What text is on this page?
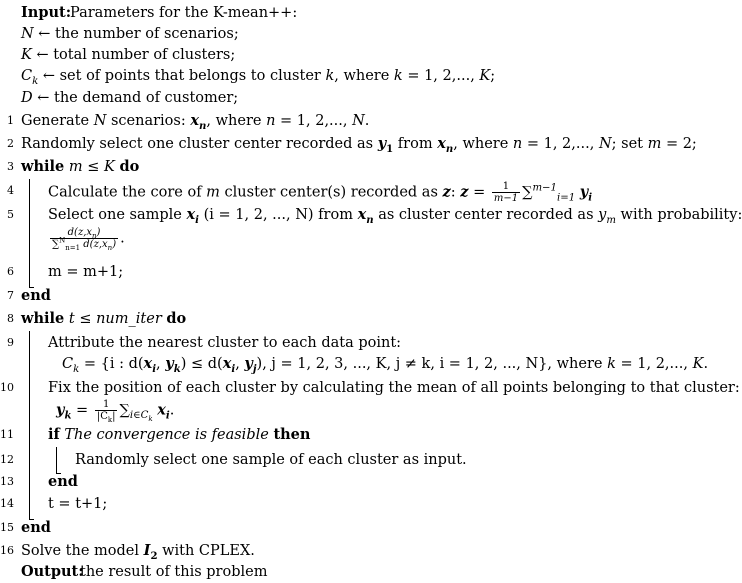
Input:
Parameters for the K-mean++:
N ← the number of scenarios;
K ← total number of clusters;
$C_k$ ← set of points that belongs to cluster k, where k = 1, 2,..., K;
D ← the demand of customer;
1 Generate N scenarios: $x_n$, where n = 1, 2,..., N.
2 Randomly select one cluster center recorded as $y_1$ from $x_n$, where n = 1, 2,..., N; set m = 2;
3 while m ≤ K do
4 Calculate the core of m cluster center(s) recorded as z: $z = \frac{1}{m-1} \sum^{m-1}_{i=1}$ $y_i$
5 Select one sample $x_i$ (i = 1, 2, ..., N) from $x_n$ as cluster center recorded as $y_m$ with probability:
$\frac{d(z,x_n)}{\sum^N_{n=1} d(z,x_n)}$ .
6 m = m+1;
7 end
8 while t ≤ num_iter do
9 Attribute the nearest cluster to each data point:
$C_k = \{i$ : $d(x_i$, $y_k) \le d(x_i$, $y_j$), j = 1, 2, 3, ..., K, j ≠ k, i = 1, 2, ..., N}, where k = 1, 2,..., K.
10 Fix the position of each cluster by calculating the mean of all points belonging to that cluster:
$y_k = \frac{1}{|C_k|} \sum_{i\in C_k}$ $x_i$.
11 if The convergence is feasible then
12	Randomly select one sample of each cluster as input.
13 end
14 t = t+1;
15 end
16 Solve the model $I_2$ with CPLEX.
Output:
the result of this problem
